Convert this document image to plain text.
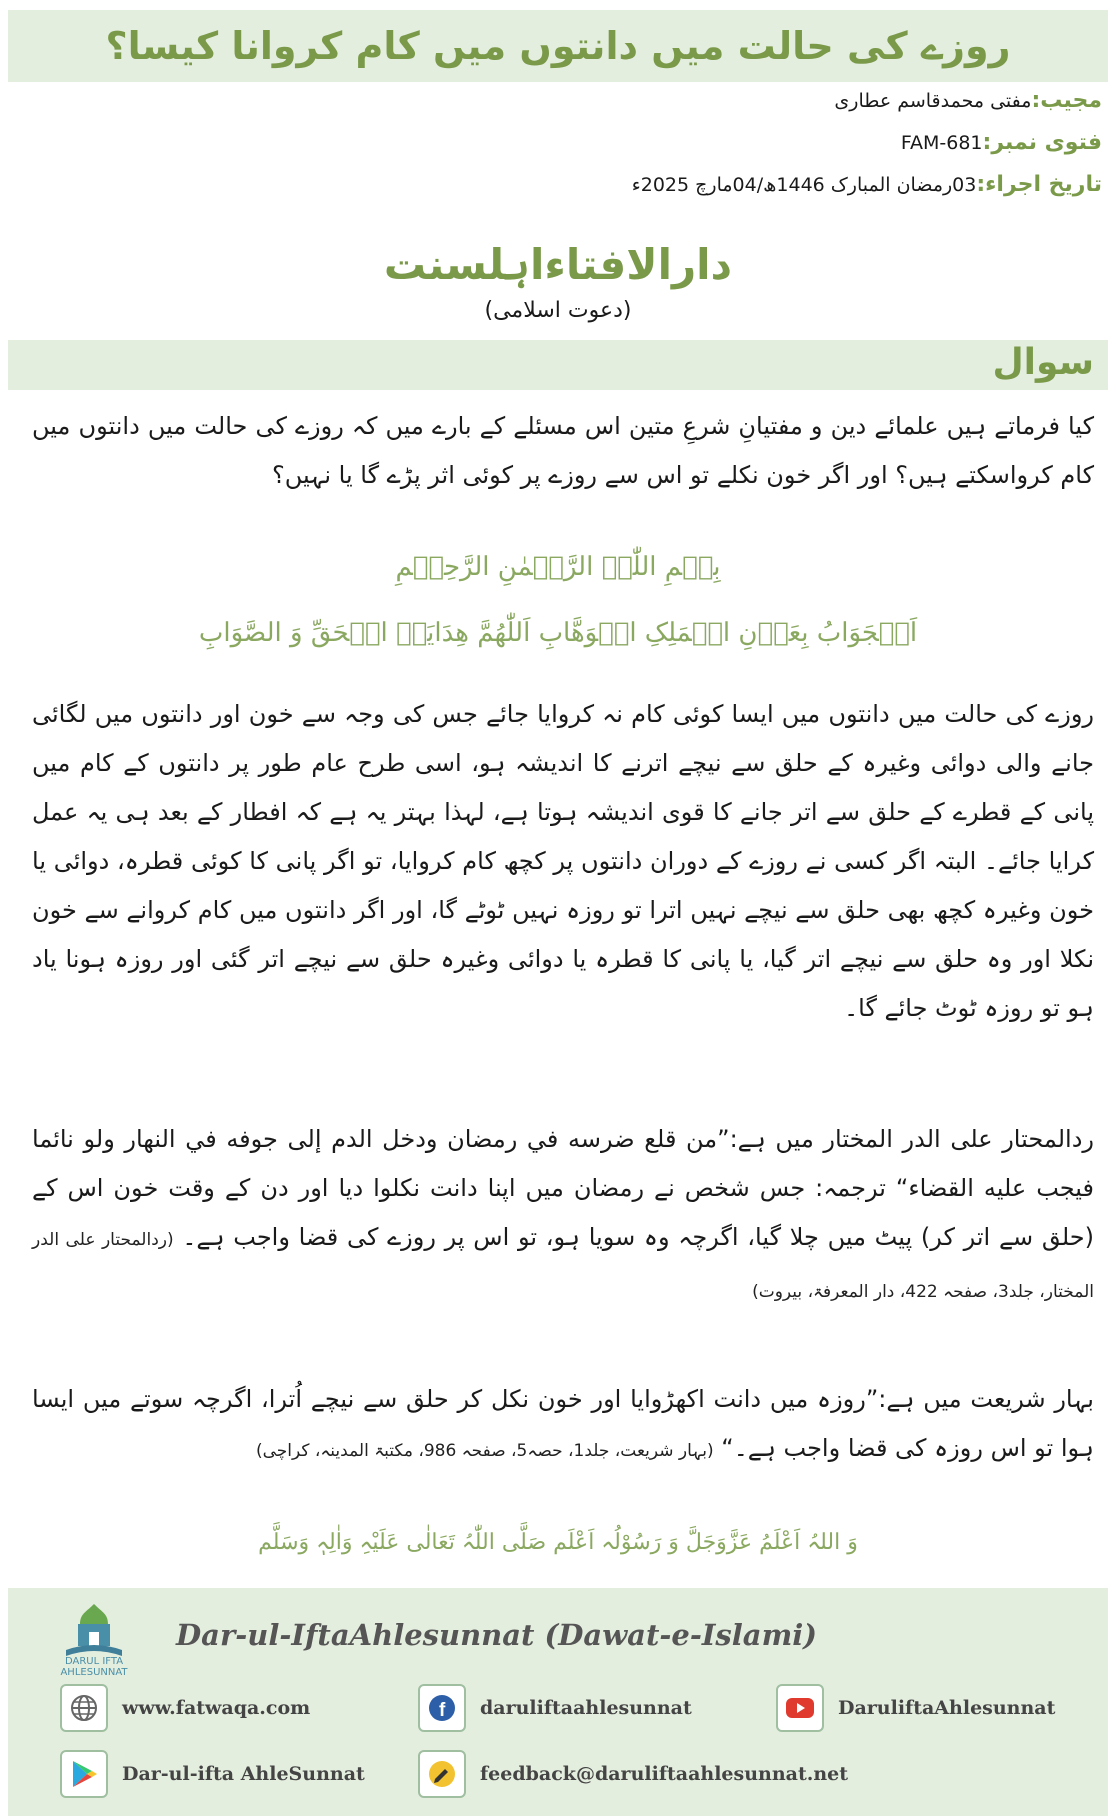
روزے کی حالت میں دانتوں میں کام کروانا کیسا؟
مجیب:مفتی محمدقاسم عطاری
فتوی نمبر:FAM-681
تاریخ اجراء:03رمضان المبارک 1446ھ/04مارچ 2025ء
دارالافتاءاہلسنت
(دعوت اسلامی)
سوال
کیا فرماتے ہیں علمائے دین و مفتیانِ شرعِ متین اس مسئلے کے بارے میں کہ روزے کی حالت میں دانتوں میں کام کرواسکتے ہیں؟ اور اگر خون نکلے تو اس سے روزے پر کوئی اثر پڑے گا یا نہیں؟
بِسۡمِ اللّٰہِ الرَّحۡمٰنِ الرَّحِیۡمِ
اَلۡجَوَابُ بِعَوۡنِ الۡمَلِکِ الۡوَھَّابِ اَللّٰھُمَّ ھِدَایَۃَ الۡحَقِّ وَ الصَّوَابِ
روزے کی حالت میں دانتوں میں ایسا کوئی کام نہ کروایا جائے جس کی وجہ سے خون اور دانتوں میں لگائی جانے والی دوائی وغیرہ کے حلق سے نیچے اترنے کا اندیشہ ہو، اسی طرح عام طور پر دانتوں کے کام میں پانی کے قطرے کے حلق سے اتر جانے کا قوی اندیشہ ہوتا ہے، لہذا بہتر یہ ہے کہ افطار کے بعد ہی یہ عمل کرایا جائے۔ البتہ اگر کسی نے روزے کے دوران دانتوں پر کچھ کام کروایا، تو اگر پانی کا کوئی قطرہ، دوائی یا خون وغیرہ کچھ بھی حلق سے نیچے نہیں اترا تو روزہ نہیں ٹوٹے گا، اور اگر دانتوں میں کام کروانے سے خون نکلا اور وہ حلق سے نیچے اتر گیا، یا پانی کا قطرہ یا دوائی وغیرہ حلق سے نیچے اتر گئی اور روزہ ہونا یاد ہو تو روزہ ٹوٹ جائے گا۔
ردالمحتار علی الدر المختار میں ہے:”من قلع ضرسه في رمضان ودخل الدم إلى جوفه في النهار ولو نائما فيجب عليه القضاء“ ترجمہ: جس شخص نے رمضان میں اپنا دانت نکلوا دیا اور دن کے وقت خون اس کے (حلق سے اتر کر) پیٹ میں چلا گیا، اگرچہ وہ سویا ہو، تو اس پر روزے کی قضا واجب ہے۔ (ردالمحتار علی الدر المختار، جلد3، صفحہ 422، دار المعرفۃ، بیروت)
بہار شریعت میں ہے:”روزہ میں دانت اکھڑوایا اور خون نکل کر حلق سے نیچے اُترا، اگرچہ سوتے میں ایسا ہوا تو اس روزہ کی قضا واجب ہے۔“ (بہار شریعت، جلد1، حصہ5، صفحہ 986، مکتبۃ المدینہ، کراچی)
وَ اللہُ اَعْلَمُ عَزَّوَجَلَّ وَ رَسُوْلُہ اَعْلَم صَلَّی اللّٰہُ تَعَالٰی عَلَیْہِ وَاٰلِہٖ وَسَلَّم
DARUL IFTA AHLESUNNAT
Dar-ul-IftaAhlesunnat (Dawat-e-Islami)
www.fatwaqa.com	f daruliftaahlesunnat	DaruliftaAhlesunnat
Dar-ul-ifta AhleSunnat	feedback@daruliftaahlesunnat.net
